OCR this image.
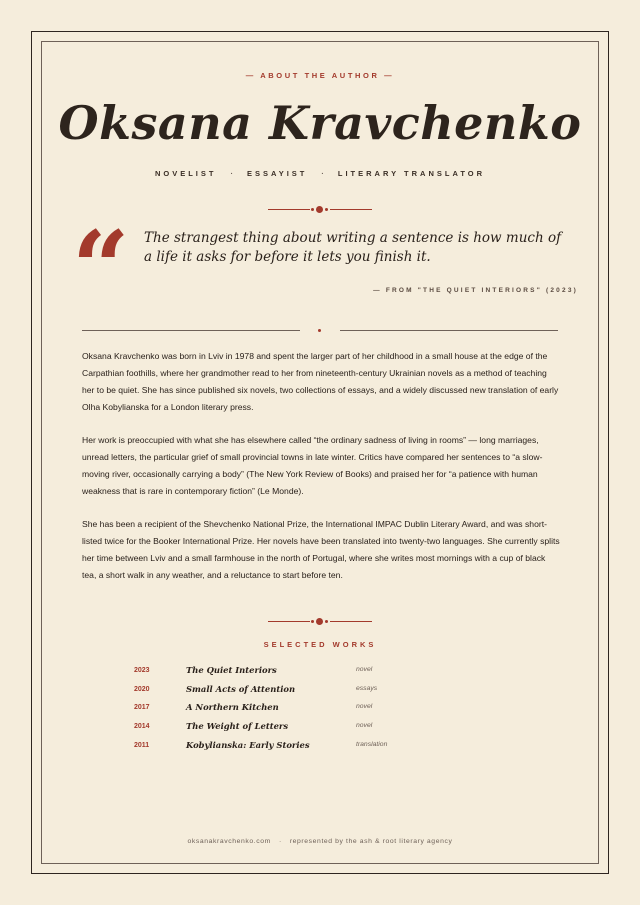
— ABOUT THE AUTHOR —
Oksana Kravchenko
NOVELIST · ESSAYIST · LITERARY TRANSLATOR
“ The strangest thing about writing a sentence is how much of a life it asks for before it lets you finish it.
— FROM "THE QUIET INTERIORS" (2023)

Oksana Kravchenko was born in Lviv in 1978 and spent the larger part of her childhood in a small house at the edge of the Carpathian foothills, where her grandmother read to her from nineteenth-century Ukrainian novels as a method of teaching her to be quiet. She has since published six novels, two collections of essays, and a widely discussed new translation of early Olha Kobylianska for a London literary press.

Her work is preoccupied with what she has elsewhere called “the ordinary sadness of living in rooms” — long marriages, unread letters, the particular grief of small provincial towns in late winter. Critics have compared her sentences to “a slow-moving river, occasionally carrying a body” (The New York Review of Books) and praised her for “a patience with human weakness that is rare in contemporary fiction” (Le Monde).

She has been a recipient of the Shevchenko National Prize, the International IMPAC Dublin Literary Award, and was short-listed twice for the Booker International Prize. Her novels have been translated into twenty-two languages. She currently splits her time between Lviv and a small farmhouse in the north of Portugal, where she writes most mornings with a cup of black tea, a short walk in any weather, and a reluctance to start before ten.

SELECTED WORKS
2023	The Quiet Interiors	novel
2020	Small Acts of Attention	essays
2017	A Northern Kitchen	novel
2014	The Weight of Letters	novel
2011	Kobylianska: Early Stories	translation
oksanakravchenko.com · represented by the ash & root literary agency
